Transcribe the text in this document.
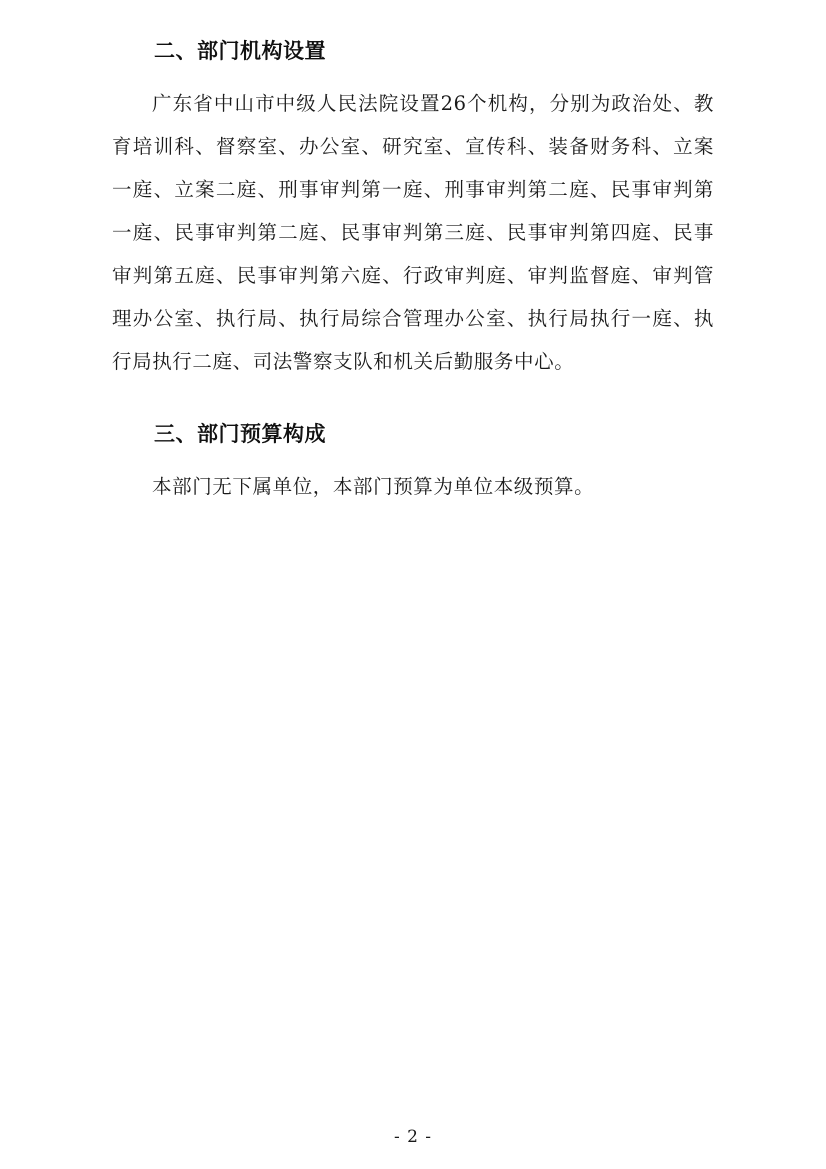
二、部门机构设置

广东省中山市中级人民法院设置26个机构，分别为政治处、教育培训科、督察室、办公室、研究室、宣传科、装备财务科、立案一庭、立案二庭、刑事审判第一庭、刑事审判第二庭、民事审判第一庭、民事审判第二庭、民事审判第三庭、民事审判第四庭、民事审判第五庭、民事审判第六庭、行政审判庭、审判监督庭、审判管理办公室、执行局、执行局综合管理办公室、执行局执行一庭、执行局执行二庭、司法警察支队和机关后勤服务中心。

三、部门预算构成

本部门无下属单位，本部门预算为单位本级预算。

- 2 -
